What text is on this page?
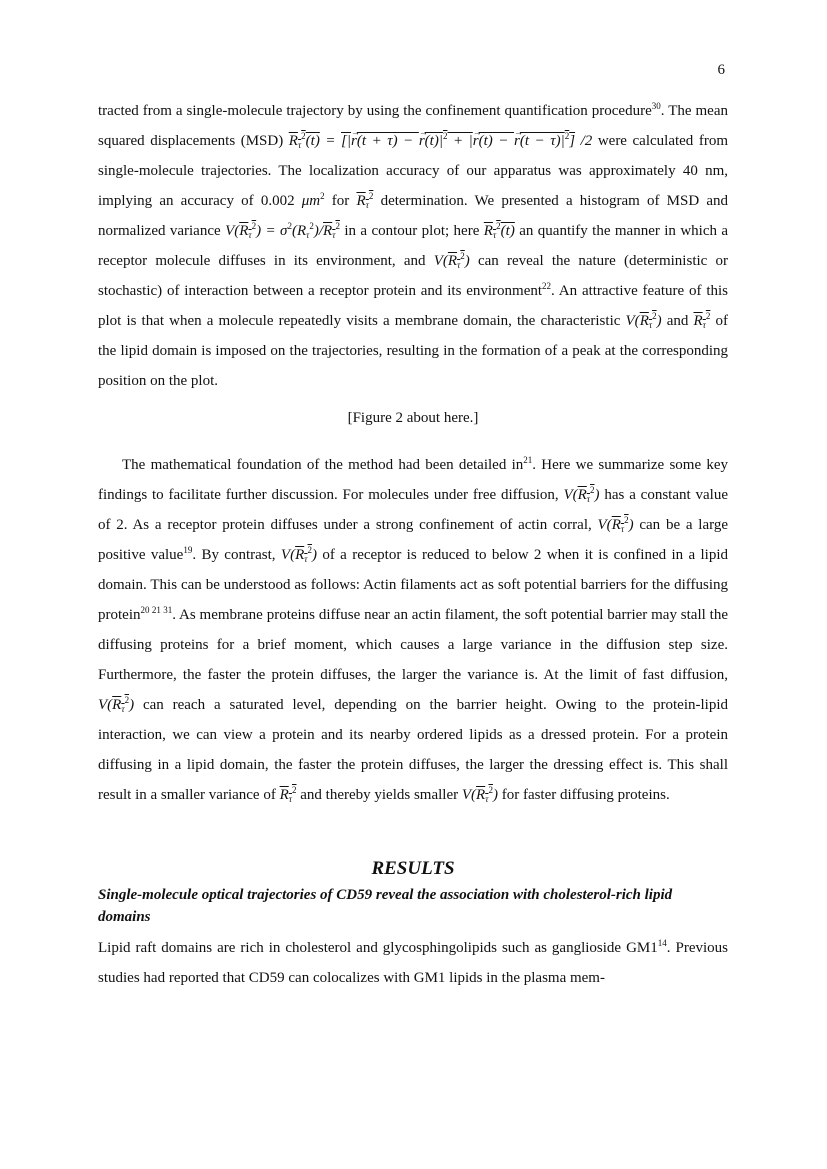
6

tracted from a single-molecule trajectory by using the confinement quantification procedure$^{30}$. The mean squared displacements (MSD) $R_\tau^2(t)$ = [|→ r(t + τ) − → $r(t)|^2$ + |→ r(t) − → $r(t - \tau)|^2$] /2 were calculated from single-molecule trajectories. The localization accuracy of our apparatus was approximately 40 nm, implying an accuracy of 0.002 $\mu m^2$ for $R_\tau^2$ determination. We presented a histogram of MSD and normalized variance $V(R_\tau^2) = \sigma^2(R_\tau^2)/R_\tau^2$ in a contour plot; here $R_\tau^2(t)$ an quantify the manner in which a receptor molecule diffuses in its environment, and $V(R_\tau^2)$ can reveal the nature (deterministic or stochastic) of interaction between a receptor protein and its environment$^{22}$. An attractive feature of this plot is that when a molecule repeatedly visits a membrane domain, the characteristic $V(R_\tau^2)$ and $R_\tau^2$ of the lipid domain is imposed on the trajectories, resulting in the formation of a peak at the corresponding position on the plot.

[Figure 2 about here.]

The mathematical foundation of the method had been detailed $in^{21}$. Here we summarize some key findings to facilitate further discussion. For molecules under free diffusion, $V(R_\tau^2)$ has a constant value of 2. As a receptor protein diffuses under a strong confinement of actin corral, $V(R_\tau^2)$ can be a large positive value$^{19}$. By contrast, $V(R_\tau^2)$ of a receptor is reduced to below 2 when it is confined in a lipid domain. This can be understood as follows: Actin filaments act as soft potential barriers for the diffusing protein$^{20 21 31}$. As membrane proteins diffuse near an actin filament, the soft potential barrier may stall the diffusing proteins for a brief moment, which causes a large variance in the diffusion step size. Furthermore, the faster the protein diffuses, the larger the variance is. At the limit of fast diffusion, $V(R_\tau^2)$ can reach a saturated level, depending on the barrier height. Owing to the protein-lipid interaction, we can view a protein and its nearby ordered lipids as a dressed protein. For a protein diffusing in a lipid domain, the faster the protein diffuses, the larger the dressing effect is. This shall result in a smaller variance of $R_\tau^2$ and thereby yields smaller $V(R_\tau^2)$ for faster diffusing proteins.

RESULTS
Single-molecule optical trajectories of CD59 reveal the association with cholesterol-rich lipid domains

Lipid raft domains are rich in cholesterol and glycosphingolipids such as ganglioside $GM1^{14}$. Previous studies had reported that CD59 can colocalizes with GM1 lipids in the plasma mem-
